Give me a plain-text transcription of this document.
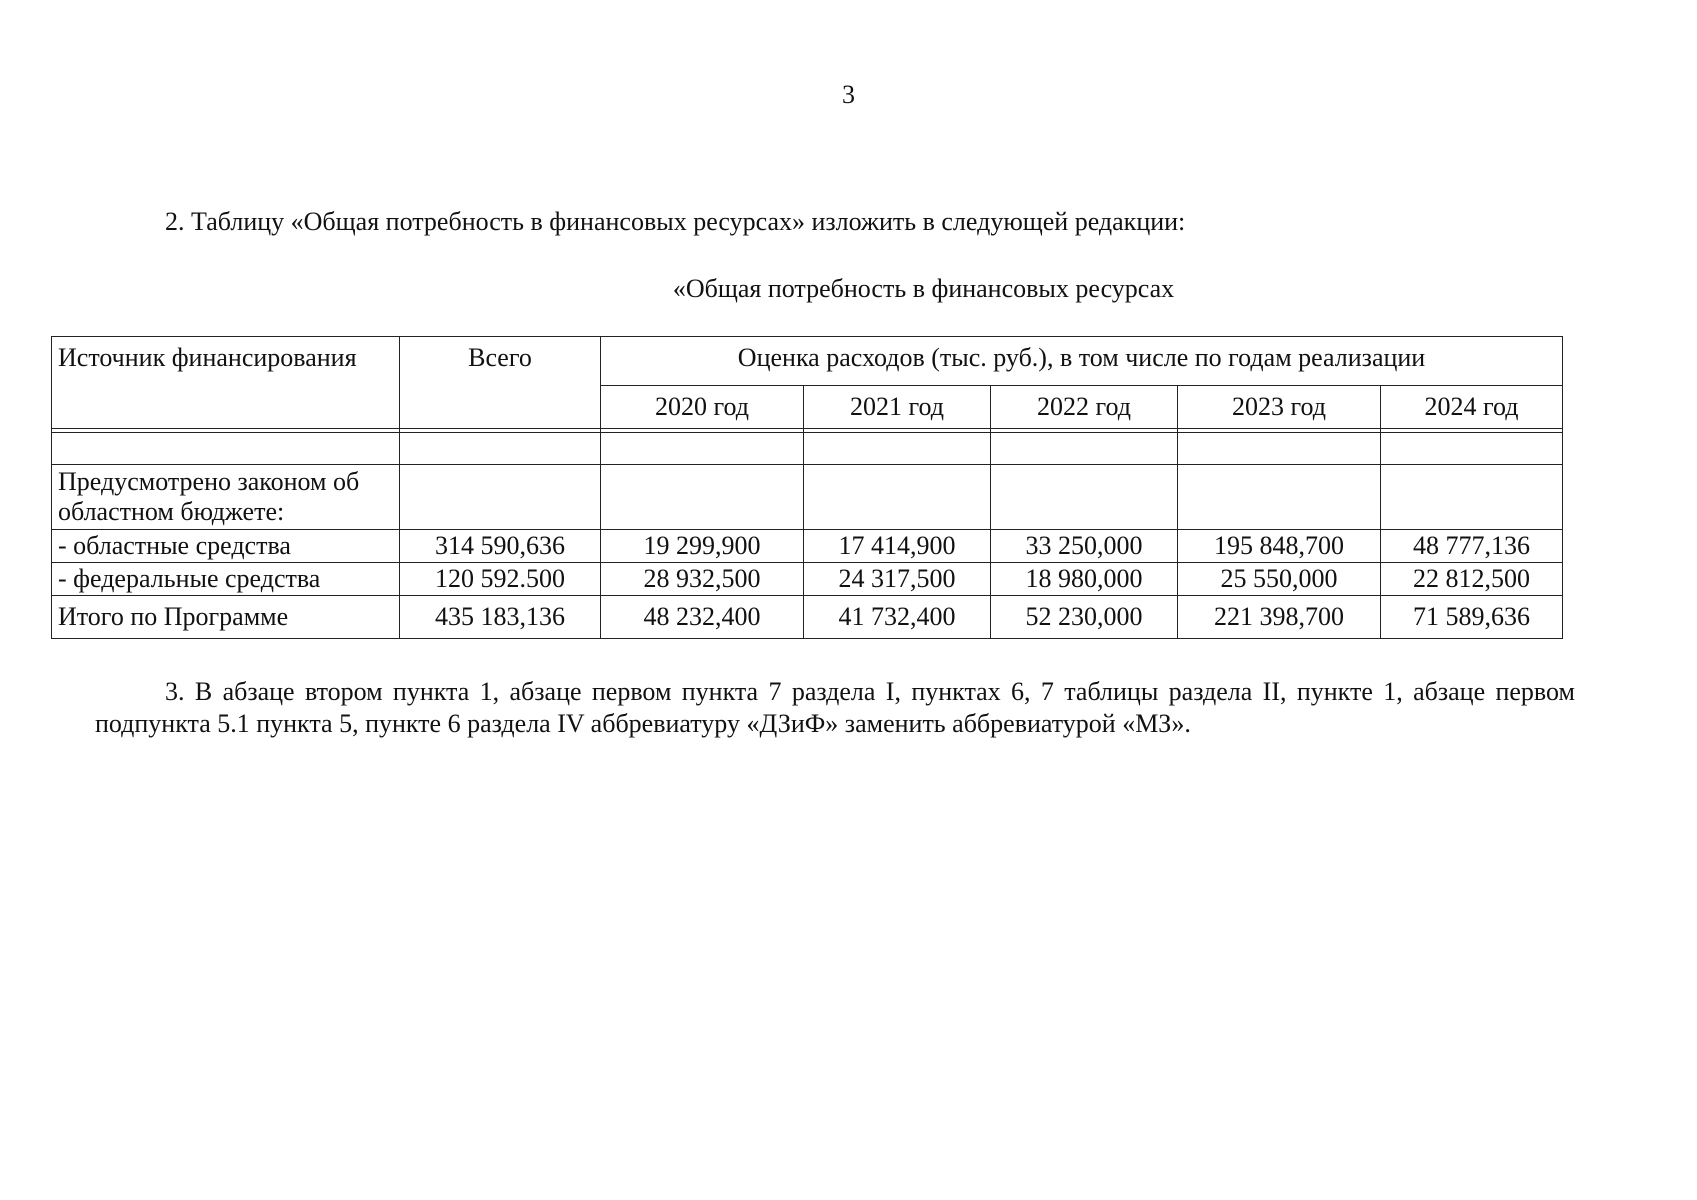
3
2. Таблицу «Общая потребность в финансовых ресурсах» изложить в следующей редакции:
«Общая потребность в финансовых ресурсах
Источник финансирования	Всего	Оценка расходов (тыс. руб.), в том числе по годам реализации				
		2020 год	2021 год	2022 год	2023 год	2024 год

Предусмотрено законом об областном бюджете:						
- областные средства	314 590,636	19 299,900	17 414,900	33 250,000	195 848,700	48 777,136
- федеральные средства	120 592.500	28 932,500	24 317,500	18 980,000	25 550,000	22 812,500
Итого по Программе	435 183,136	48 232,400	41 732,400	52 230,000	221 398,700	71 589,636
3. В абзаце втором пункта 1, абзаце первом пункта 7 раздела I, пунктах 6, 7 таблицы раздела II, пункте 1, абзаце первом подпункта 5.1 пункта 5, пункте 6 раздела IV аббревиатуру «ДЗиФ» заменить аббревиатурой «МЗ».
